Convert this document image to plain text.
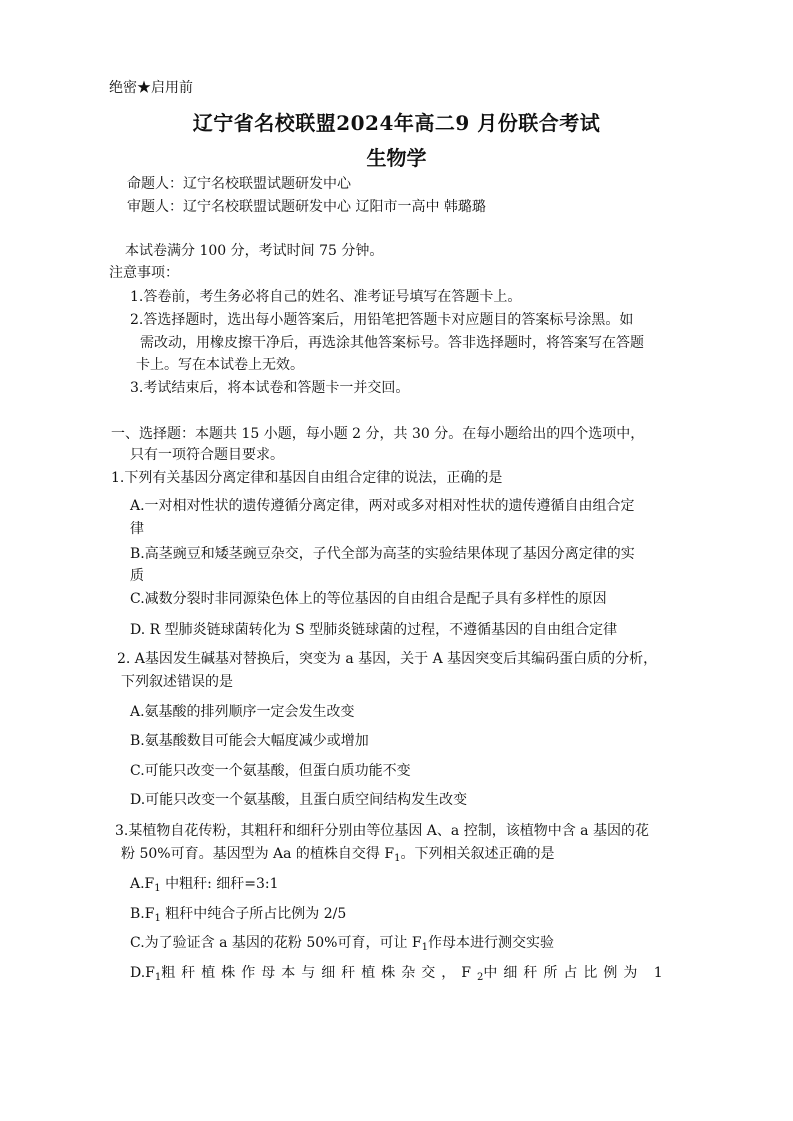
绝密★启用前
辽宁省名校联盟2024年高二9 月份联合考试
生物学
命题人：辽宁名校联盟试题研发中心
审题人：辽宁名校联盟试题研发中心 辽阳市一高中 韩璐璐
本试卷满分 100 分，考试时间 75 分钟。
注意事项：
1.答卷前，考生务必将自己的姓名、准考证号填写在答题卡上。
2.答选择题时，选出每小题答案后，用铅笔把答题卡对应题目的答案标号涂黑。如
需改动，用橡皮擦干净后，再选涂其他答案标号。答非选择题时，将答案写在答题
卡上。写在本试卷上无效。
3.考试结束后，将本试卷和答题卡一并交回。
一、选择题：本题共 15 小题，每小题 2 分，共 30 分。在每小题给出的四个选项中，
只有一项符合题目要求。
1.下列有关基因分离定律和基因自由组合定律的说法，正确的是
A.一对相对性状的遗传遵循分离定律，两对或多对相对性状的遗传遵循自由组合定
律
B.高茎豌豆和矮茎豌豆杂交，子代全部为高茎的实验结果体现了基因分离定律的实
质
C.减数分裂时非同源染色体上的等位基因的自由组合是配子具有多样性的原因
D. R 型肺炎链球菌转化为 S 型肺炎链球菌的过程，不遵循基因的自由组合定律
2. A基因发生碱基对替换后，突变为 a 基因，关于 A 基因突变后其编码蛋白质的分析，
下列叙述错误的是
A.氨基酸的排列顺序一定会发生改变
B.氨基酸数目可能会大幅度减少或增加
C.可能只改变一个氨基酸，但蛋白质功能不变
D.可能只改变一个氨基酸，且蛋白质空间结构发生改变
3.某植物自花传粉，其粗秆和细秆分别由等位基因 A、a 控制，该植物中含 a 基因的花
粉 50%可育。基因型为 Aa 的植株自交得 $F_1$。下列相关叙述正确的是
$A.F_1$ 中粗秆: 细秆=3:1
$B.F_1$ 粗秆中纯合子所占比例为 2/5
C.为了验证含 a 基因的花粉 50%可育，可让 $F_1$作母本进行测交实验
$D.F_1$粗秆植株作母本与细秆植株杂交，$F_2$中细秆所占比例为 1
